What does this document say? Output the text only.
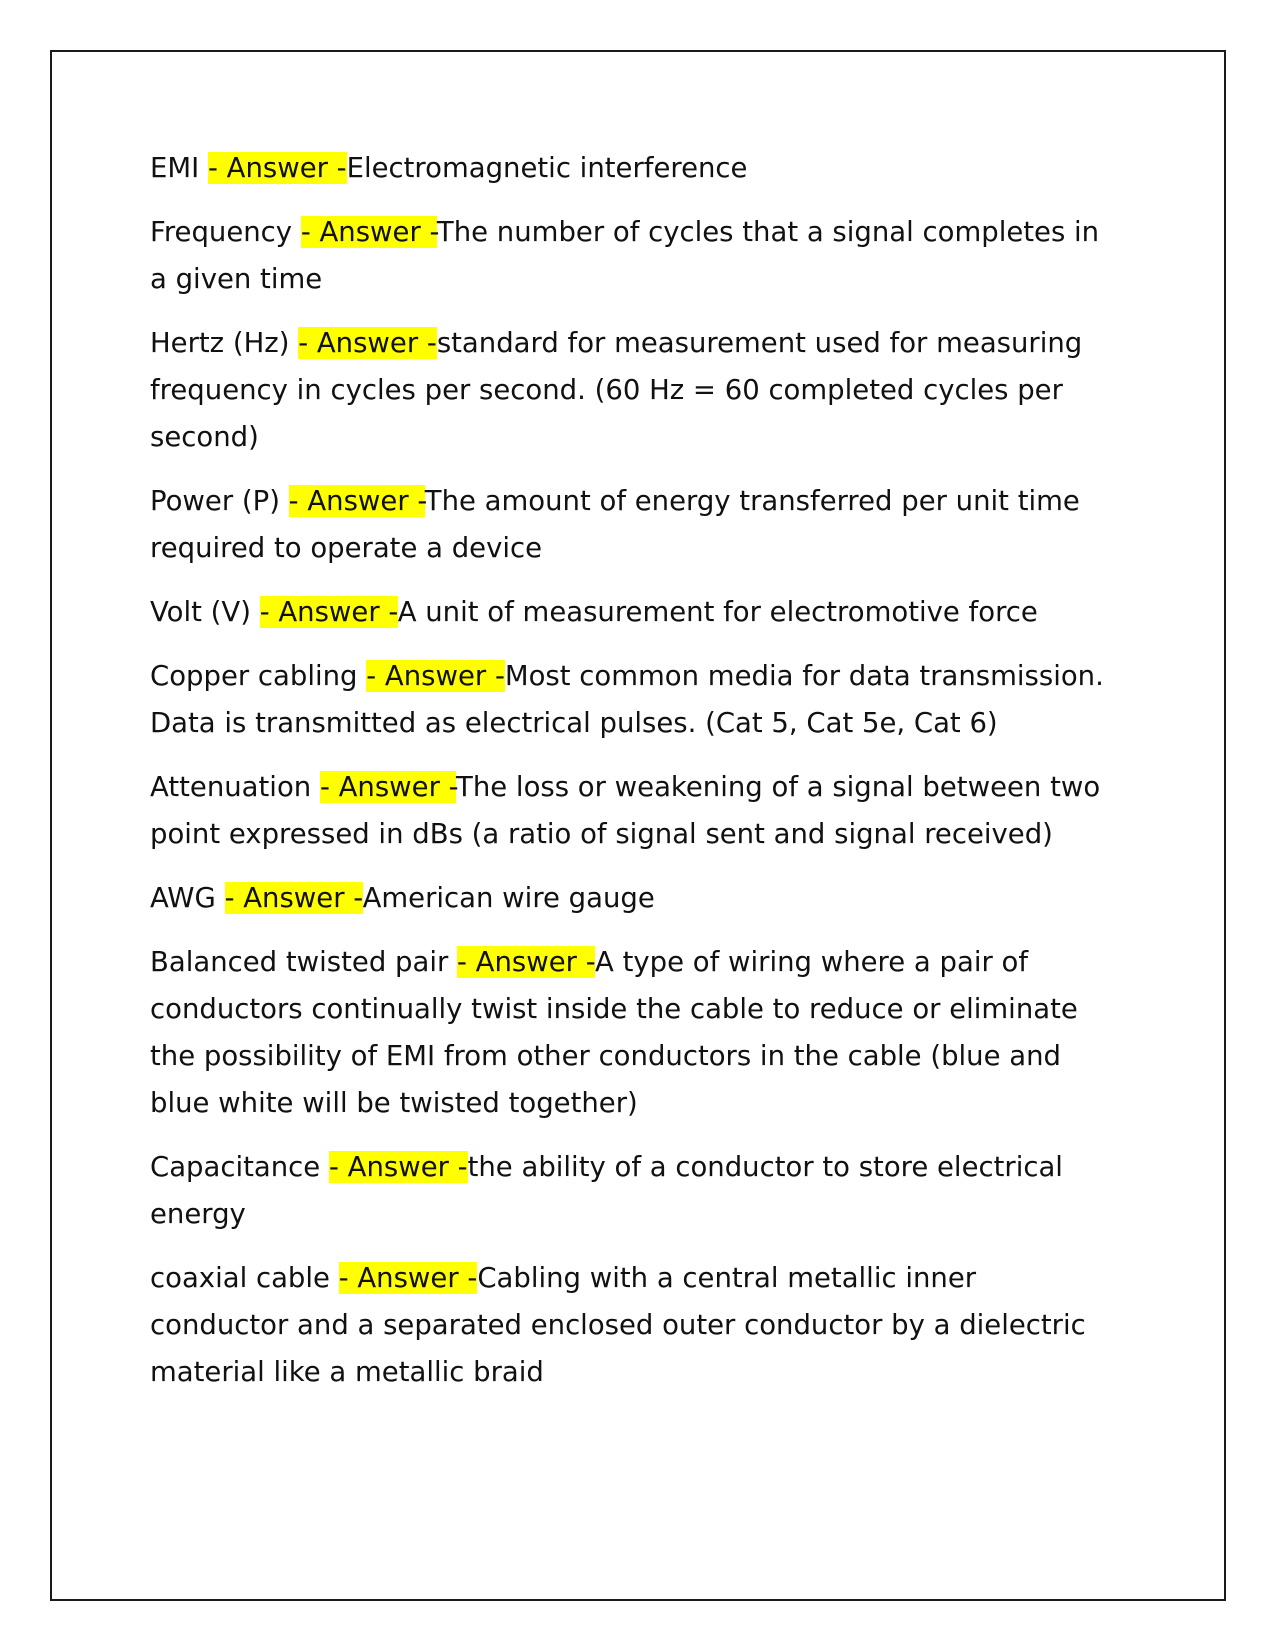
EMI - Answer -Electromagnetic interference

Frequency - Answer -The number of cycles that a signal completes in a given time

Hertz (Hz) - Answer -standard for measurement used for measuring frequency in cycles per second. (60 Hz = 60 completed cycles per second)

Power (P) - Answer -The amount of energy transferred per unit time required to operate a device

Volt (V) - Answer -A unit of measurement for electromotive force

Copper cabling - Answer -Most common media for data transmission. Data is transmitted as electrical pulses. (Cat 5, Cat 5e, Cat 6)

Attenuation - Answer -The loss or weakening of a signal between two point expressed in dBs (a ratio of signal sent and signal received)

AWG - Answer -American wire gauge

Balanced twisted pair - Answer -A type of wiring where a pair of conductors continually twist inside the cable to reduce or eliminate the possibility of EMI from other conductors in the cable (blue and blue white will be twisted together)

Capacitance - Answer -the ability of a conductor to store electrical energy

coaxial cable - Answer -Cabling with a central metallic inner conductor and a separated enclosed outer conductor by a dielectric material like a metallic braid
